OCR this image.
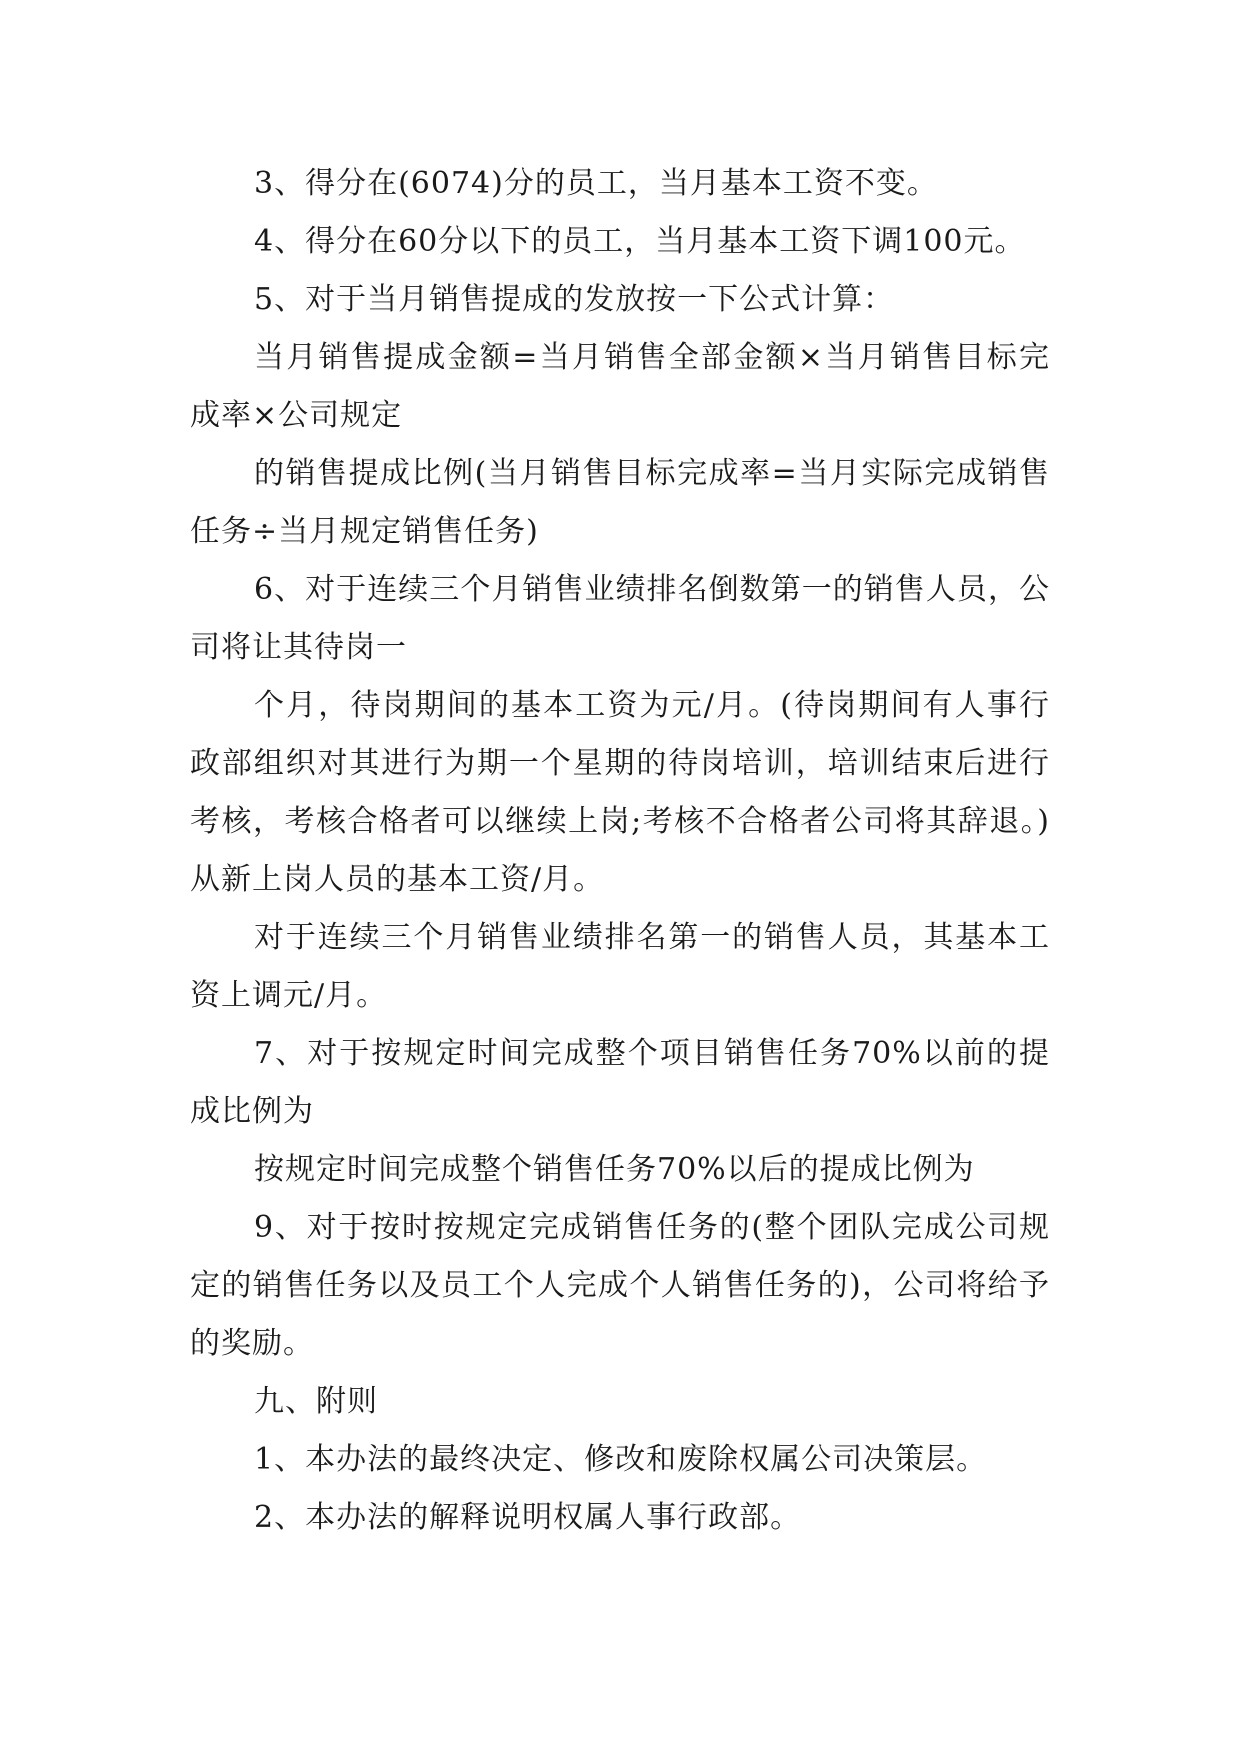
3、得分在(6074)分的员工，当月基本工资不变。

4、得分在60分以下的员工，当月基本工资下调100元。

5、对于当月销售提成的发放按一下公式计算：

当月销售提成金额=当月销售全部金额×当月销售目标完成率×公司规定

的销售提成比例(当月销售目标完成率=当月实际完成销售任务÷当月规定销售任务)

6、对于连续三个月销售业绩排名倒数第一的销售人员，公司将让其待岗一

个月，待岗期间的基本工资为元/月。(待岗期间有人事行政部组织对其进行为期一个星期的待岗培训，培训结束后进行考核，考核合格者可以继续上岗;考核不合格者公司将其辞退。)从新上岗人员的基本工资/月。

对于连续三个月销售业绩排名第一的销售人员，其基本工资上调元/月。

7、对于按规定时间完成整个项目销售任务70%以前的提成比例为

按规定时间完成整个销售任务70%以后的提成比例为

9、对于按时按规定完成销售任务的(整个团队完成公司规定的销售任务以及员工个人完成个人销售任务的)，公司将给予的奖励。

九、附则

1、本办法的最终决定、修改和废除权属公司决策层。

2、本办法的解释说明权属人事行政部。
